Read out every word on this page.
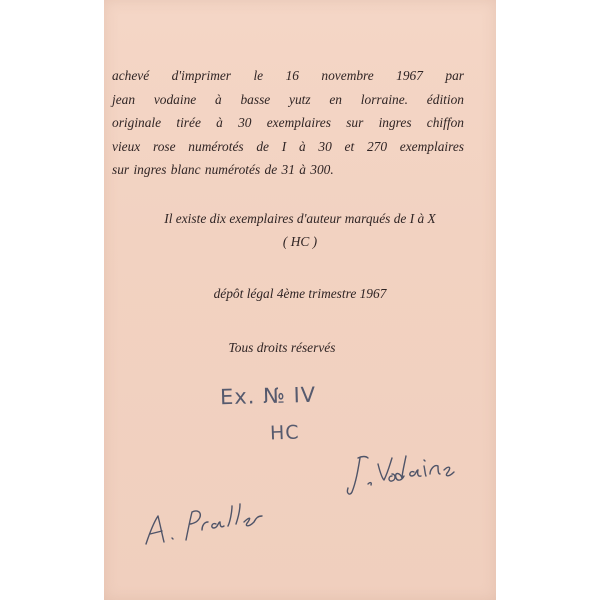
achevé d'imprimer le 16 novembre 1967 par
jean vodaine à basse yutz en lorraine. édition
originale tirée à 30 exemplaires sur ingres chiffon
vieux rose numérotés de I à 30 et 270 exemplaires
sur ingres blanc numérotés de 31 à 300.
Il existe dix exemplaires d'auteur marqués de I à X
( HC )
dépôt légal 4ème trimestre 1967
Tous droits réservés
Ex. № IV
HC
